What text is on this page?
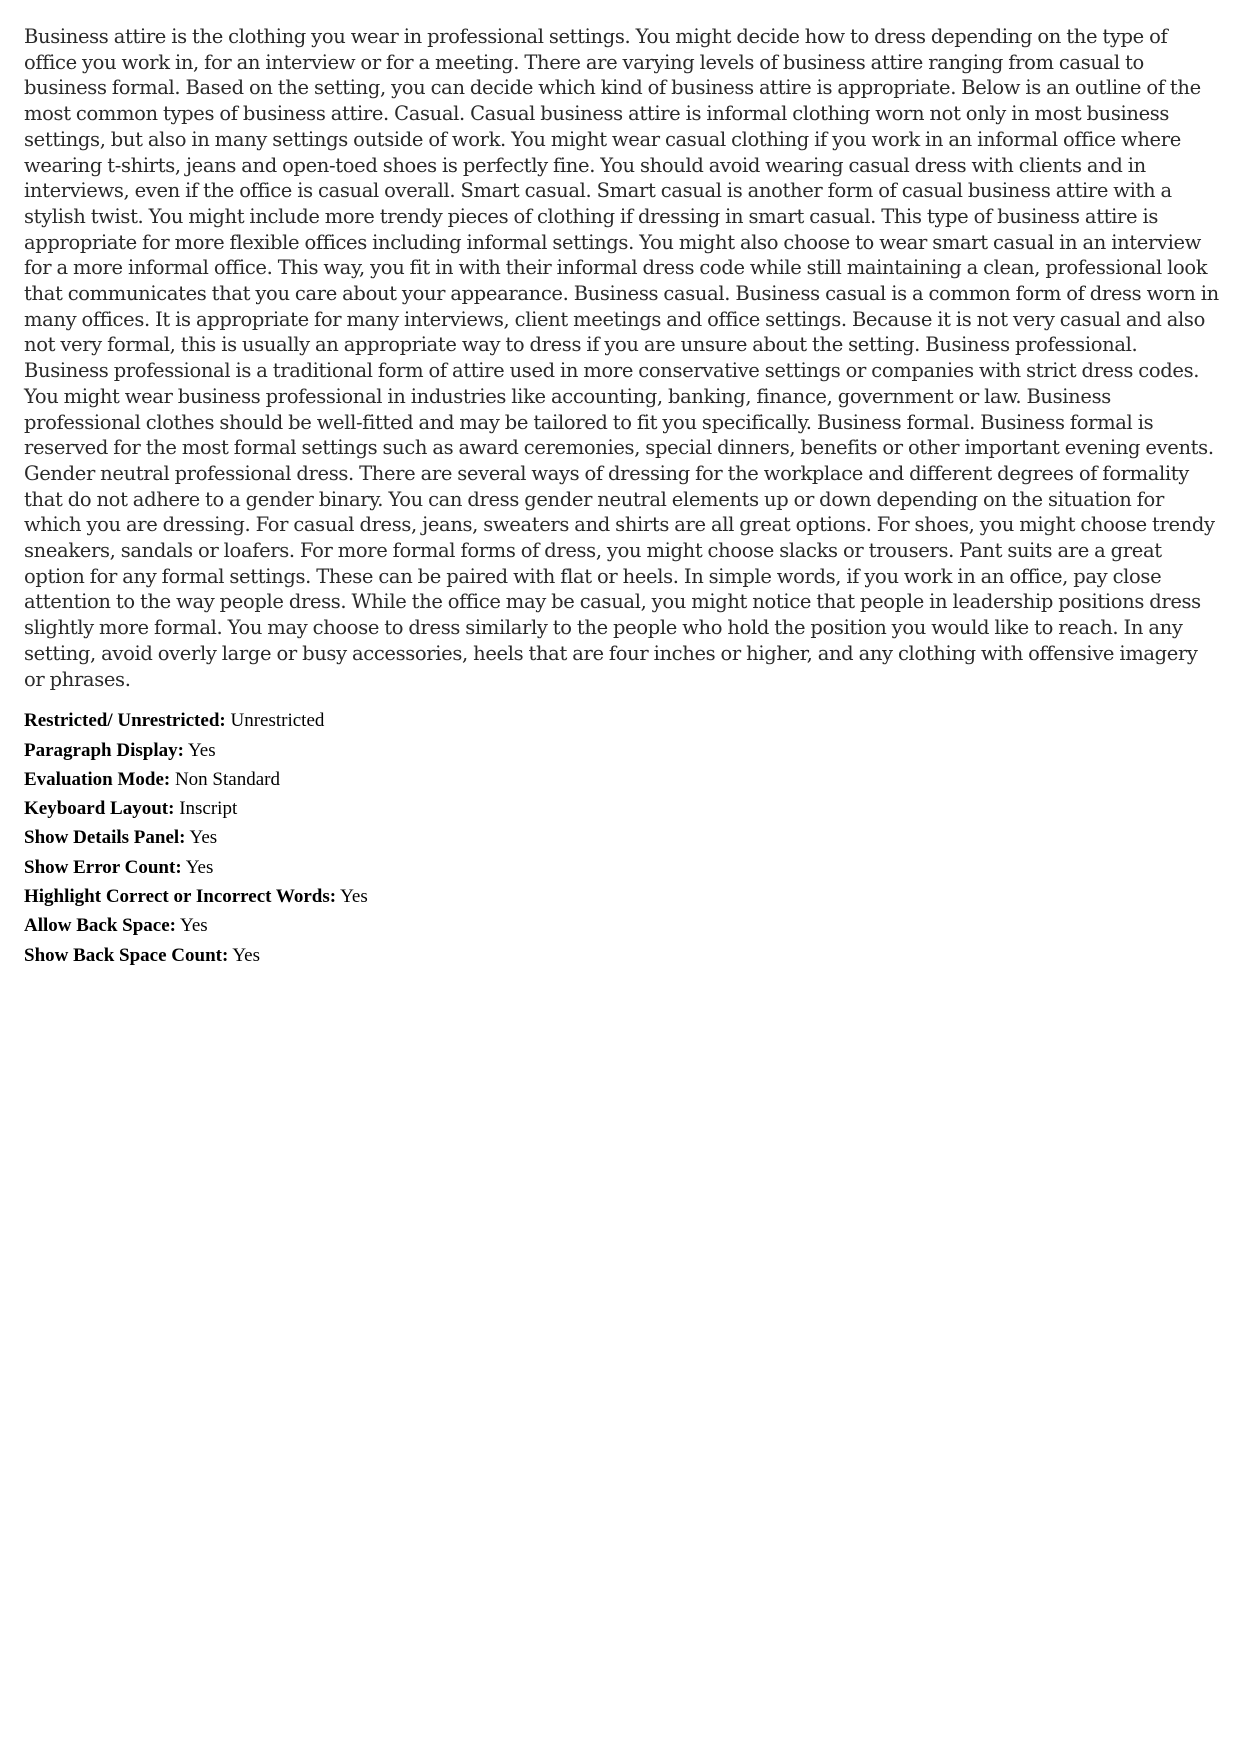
Business attire is the clothing you wear in professional settings. You might decide how to dress depending on the type of office you work in, for an interview or for a meeting. There are varying levels of business attire ranging from casual to business formal. Based on the setting, you can decide which kind of business attire is appropriate. Below is an outline of the most common types of business attire. Casual. Casual business attire is informal clothing worn not only in most business settings, but also in many settings outside of work. You might wear casual clothing if you work in an informal office where wearing t-shirts, jeans and open-toed shoes is perfectly fine. You should avoid wearing casual dress with clients and in interviews, even if the office is casual overall. Smart casual. Smart casual is another form of casual business attire with a stylish twist. You might include more trendy pieces of clothing if dressing in smart casual. This type of business attire is appropriate for more flexible offices including informal settings. You might also choose to wear smart casual in an interview for a more informal office. This way, you fit in with their informal dress code while still maintaining a clean, professional look that communicates that you care about your appearance. Business casual. Business casual is a common form of dress worn in many offices. It is appropriate for many interviews, client meetings and office settings. Because it is not very casual and also not very formal, this is usually an appropriate way to dress if you are unsure about the setting. Business professional. Business professional is a traditional form of attire used in more conservative settings or companies with strict dress codes. You might wear business professional in industries like accounting, banking, finance, government or law. Business professional clothes should be well-fitted and may be tailored to fit you specifically. Business formal. Business formal is reserved for the most formal settings such as award ceremonies, special dinners, benefits or other important evening events. Gender neutral professional dress. There are several ways of dressing for the workplace and different degrees of formality that do not adhere to a gender binary. You can dress gender neutral elements up or down depending on the situation for which you are dressing. For casual dress, jeans, sweaters and shirts are all great options. For shoes, you might choose trendy sneakers, sandals or loafers. For more formal forms of dress, you might choose slacks or trousers. Pant suits are a great option for any formal settings. These can be paired with flat or heels. In simple words, if you work in an office, pay close attention to the way people dress. While the office may be casual, you might notice that people in leadership positions dress slightly more formal. You may choose to dress similarly to the people who hold the position you would like to reach. In any setting, avoid overly large or busy accessories, heels that are four inches or higher, and any clothing with offensive imagery or phrases.

Restricted/ Unrestricted: Unrestricted
Paragraph Display: Yes
Evaluation Mode: Non Standard
Keyboard Layout: Inscript
Show Details Panel: Yes
Show Error Count: Yes
Highlight Correct or Incorrect Words: Yes
Allow Back Space: Yes
Show Back Space Count: Yes
